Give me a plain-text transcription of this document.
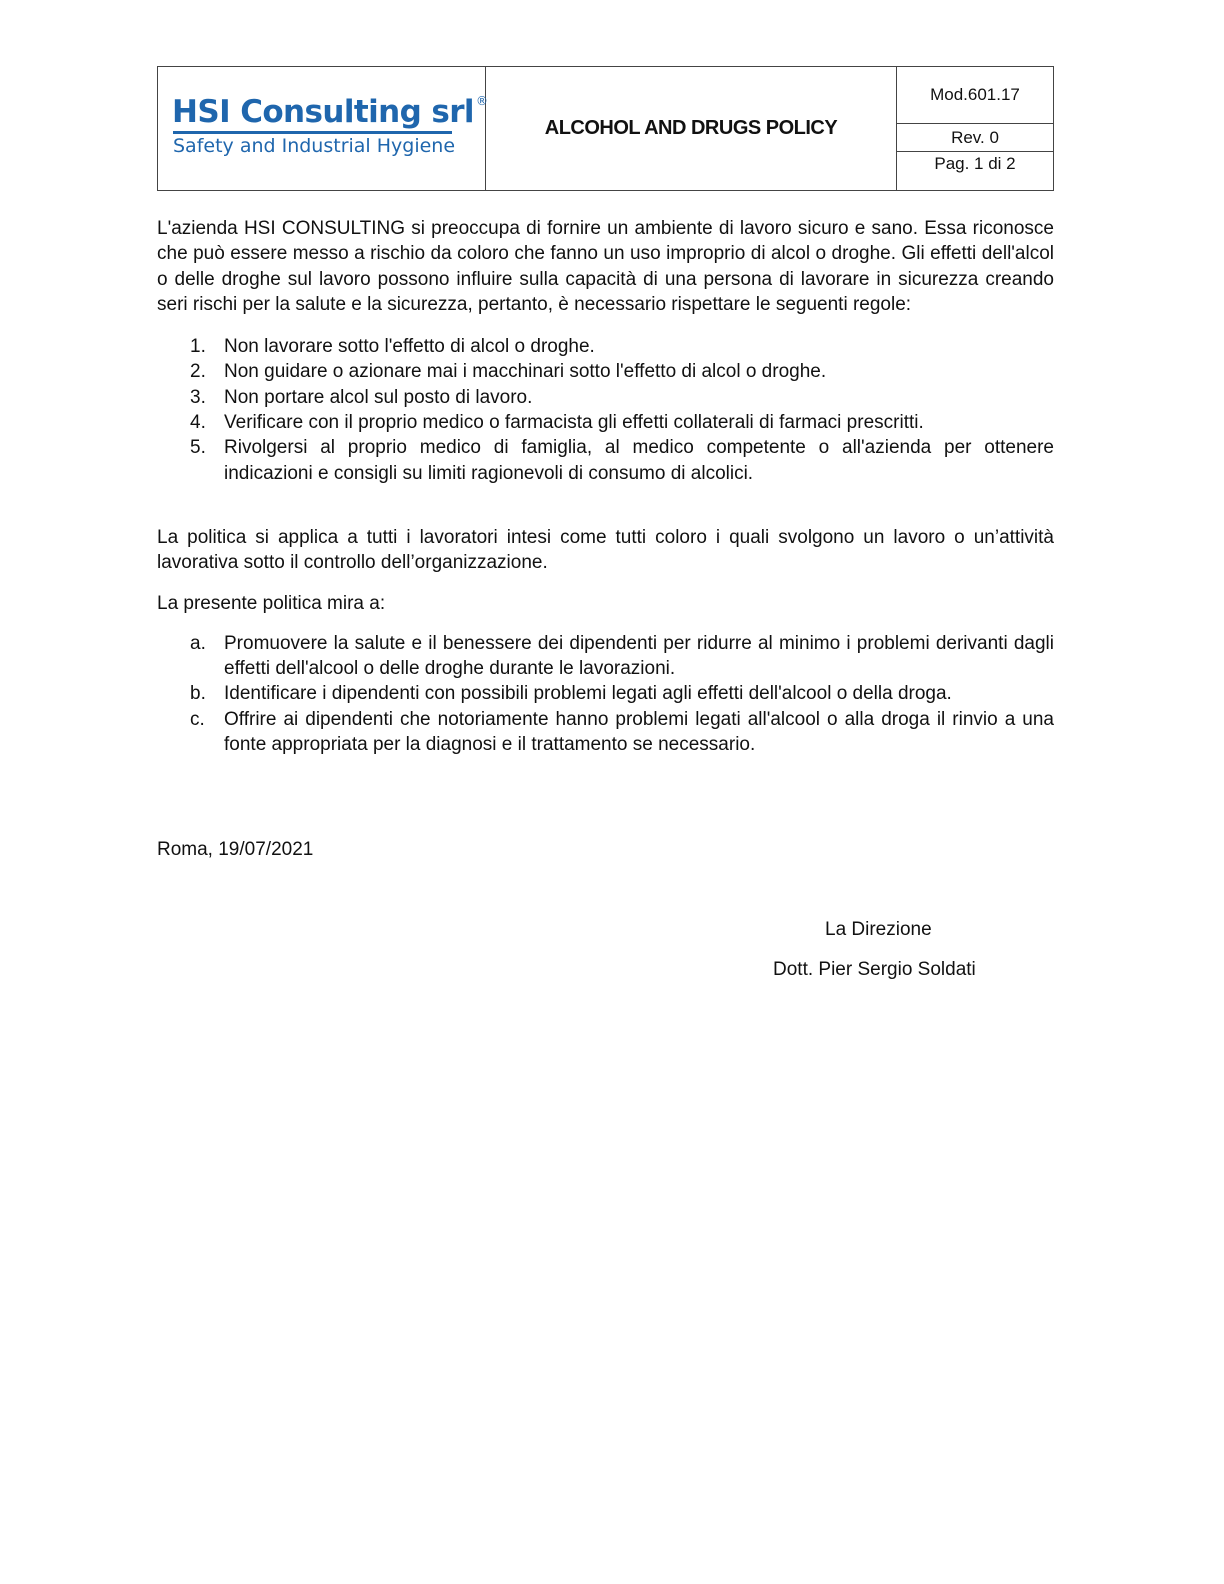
HSI Consulting srl ®
Safety and Industrial Hygiene
ALCOHOL AND DRUGS POLICY
Mod.601.17
Rev. 0
Pag. 1 di 2

L'azienda HSI CONSULTING si preoccupa di fornire un ambiente di lavoro sicuro e sano. Essa riconosce che può essere messo a rischio da coloro che fanno un uso improprio di alcol o droghe. Gli effetti dell'alcol o delle droghe sul lavoro possono influire sulla capacità di una persona di lavorare in sicurezza creando seri rischi per la salute e la sicurezza, pertanto, è necessario rispettare le seguenti regole:

1. Non lavorare sotto l'effetto di alcol o droghe.
2. Non guidare o azionare mai i macchinari sotto l'effetto di alcol o droghe.
3. Non portare alcol sul posto di lavoro.
4. Verificare con il proprio medico o farmacista gli effetti collaterali di farmaci prescritti.
5. Rivolgersi al proprio medico di famiglia, al medico competente o all'azienda per ottenere indicazioni e consigli su limiti ragionevoli di consumo di alcolici.

La politica si applica a tutti i lavoratori intesi come tutti coloro i quali svolgono un lavoro o un’attività lavorativa sotto il controllo dell’organizzazione.

La presente politica mira a:

a. Promuovere la salute e il benessere dei dipendenti per ridurre al minimo i problemi derivanti dagli effetti dell'alcool o delle droghe durante le lavorazioni.
b. Identificare i dipendenti con possibili problemi legati agli effetti dell'alcool o della droga.
c. Offrire ai dipendenti che notoriamente hanno problemi legati all'alcool o alla droga il rinvio a una fonte appropriata per la diagnosi e il trattamento se necessario.
Roma, 19/07/2021
La Direzione
Dott. Pier Sergio Soldati
